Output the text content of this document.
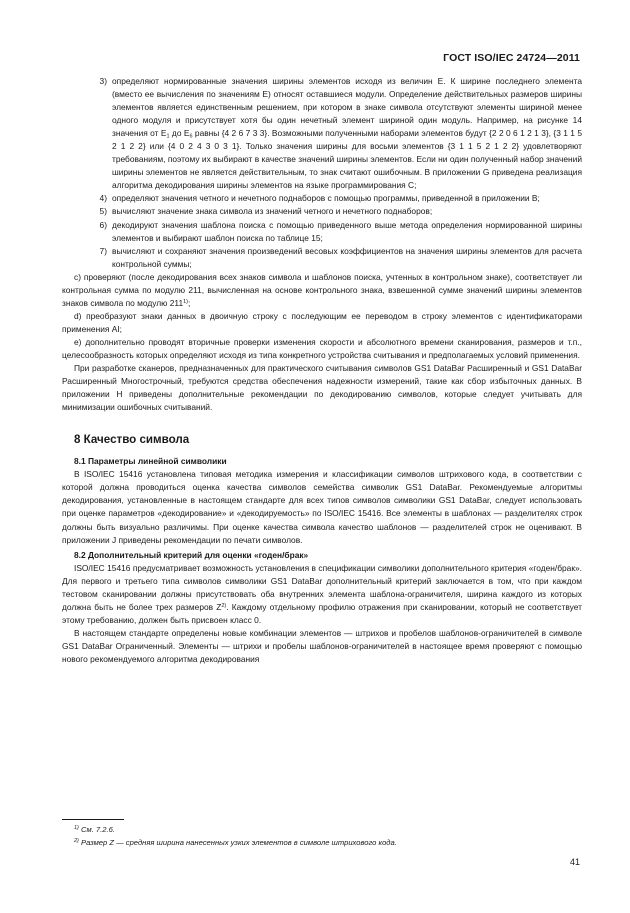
ГОСТ ISO/IEC 24724—2011
3) определяют нормированные значения ширины элементов исходя из величин E. К ширине последнего элемента (вместо ее вычисления по значениям E) относят оставшиеся модули. Определение действительных размеров ширины элементов является единственным решением, при котором в знаке символа отсутствуют элементы шириной менее одного модуля и присутствует хотя бы один нечетный элемент шириной один модуль. Например, на рисунке 14 значения от $E_1$ до $E_6$ равны {4 2 6 7 3 3}. Возможными полученными наборами элементов будут {2 2 0 6 1 2 1 3}, {3 1 1 5 2 1 2 2} или {4 0 2 4 3 0 3 1}. Только значения ширины для восьми элементов {3 1 1 5 2 1 2 2} удовлетворяют требованиям, поэтому их выбирают в качестве значений ширины элементов. Если ни один полученный набор значений ширины элементов не является действительным, то знак считают ошибочным. В приложении G приведена реализация алгоритма декодирования ширины элементов на языке программирования С;
4) определяют значения четного и нечетного поднаборов с помощью программы, приведенной в приложении B;
5) вычисляют значение знака символа из значений четного и нечетного поднаборов;
6) декодируют значения шаблона поиска с помощью приведенного выше метода определения нормированной ширины элементов и выбирают шаблон поиска по таблице 15;
7) вычисляют и сохраняют значения произведений весовых коэффициентов на значения ширины элементов для расчета контрольной суммы;

c) проверяют (после декодирования всех знаков символа и шаблонов поиска, учтенных в контрольном знаке), соответствует ли контрольная сумма по модулю 211, вычисленная на основе контрольного знака, взвешенной сумме значений ширины элементов знаков символа по модулю 211$^{1)}$;

d) преобразуют знаки данных в двоичную строку с последующим ее переводом в строку элементов с идентификаторами применения AI;

e) дополнительно проводят вторичные проверки изменения скорости и абсолютного времени сканирования, размеров и т.п., целесообразность которых определяют исходя из типа конкретного устройства считывания и предполагаемых условий применения.

При разработке сканеров, предназначенных для практического считывания символов GS1 DataBar Расширенный и GS1 DataBar Расширенный Многострочный, требуются средства обеспечения надежности измерений, такие как сбор избыточных данных. В приложении H приведены дополнительные рекомендации по декодированию символов, которые следует учитывать для минимизации ошибочных считываний.

8 Качество символа
8.1 Параметры линейной символики

В ISO/IEC 15416 установлена типовая методика измерения и классификации символов штрихового кода, в соответствии с которой должна проводиться оценка качества символов семейства символик GS1 DataBar. Рекомендуемые алгоритмы декодирования, установленные в настоящем стандарте для всех типов символов символики GS1 DataBar, следует использовать при оценке параметров «декодирование» и «декодируемость» по ISO/IEC 15416. Все элементы в шаблонах — разделителях строк должны быть визуально различимы. При оценке качества символа качество шаблонов — разделителей строк не оценивают. В приложении J приведены рекомендации по печати символов.

8.2 Дополнительный критерий для оценки «годен/брак»

ISO/IEC 15416 предусматривает возможность установления в спецификации символики дополнительного критерия «годен/брак». Для первого и третьего типа символов символики GS1 DataBar дополнительный критерий заключается в том, что при каждом тестовом сканировании должны присутствовать оба внутренних элемента шаблона-ограничителя, ширина каждого из которых должна быть не более трех размеров $Z^{2)}$. Каждому отдельному профилю отражения при сканировании, который не соответствует этому требованию, должен быть присвоен класс 0.

В настоящем стандарте определены новые комбинации элементов — штрихов и пробелов шаблонов-ограничителей в символе GS1 DataBar Ограниченный. Элементы — штрихи и пробелы шаблонов-ограничителей в настоящее время проверяют с помощью нового рекомендуемого алгоритма декодирования

$^{1)}$ См. 7.2.6.
$^{2)}$ Размер Z — средняя ширина нанесенных узких элементов в символе штрихового кода.
41
